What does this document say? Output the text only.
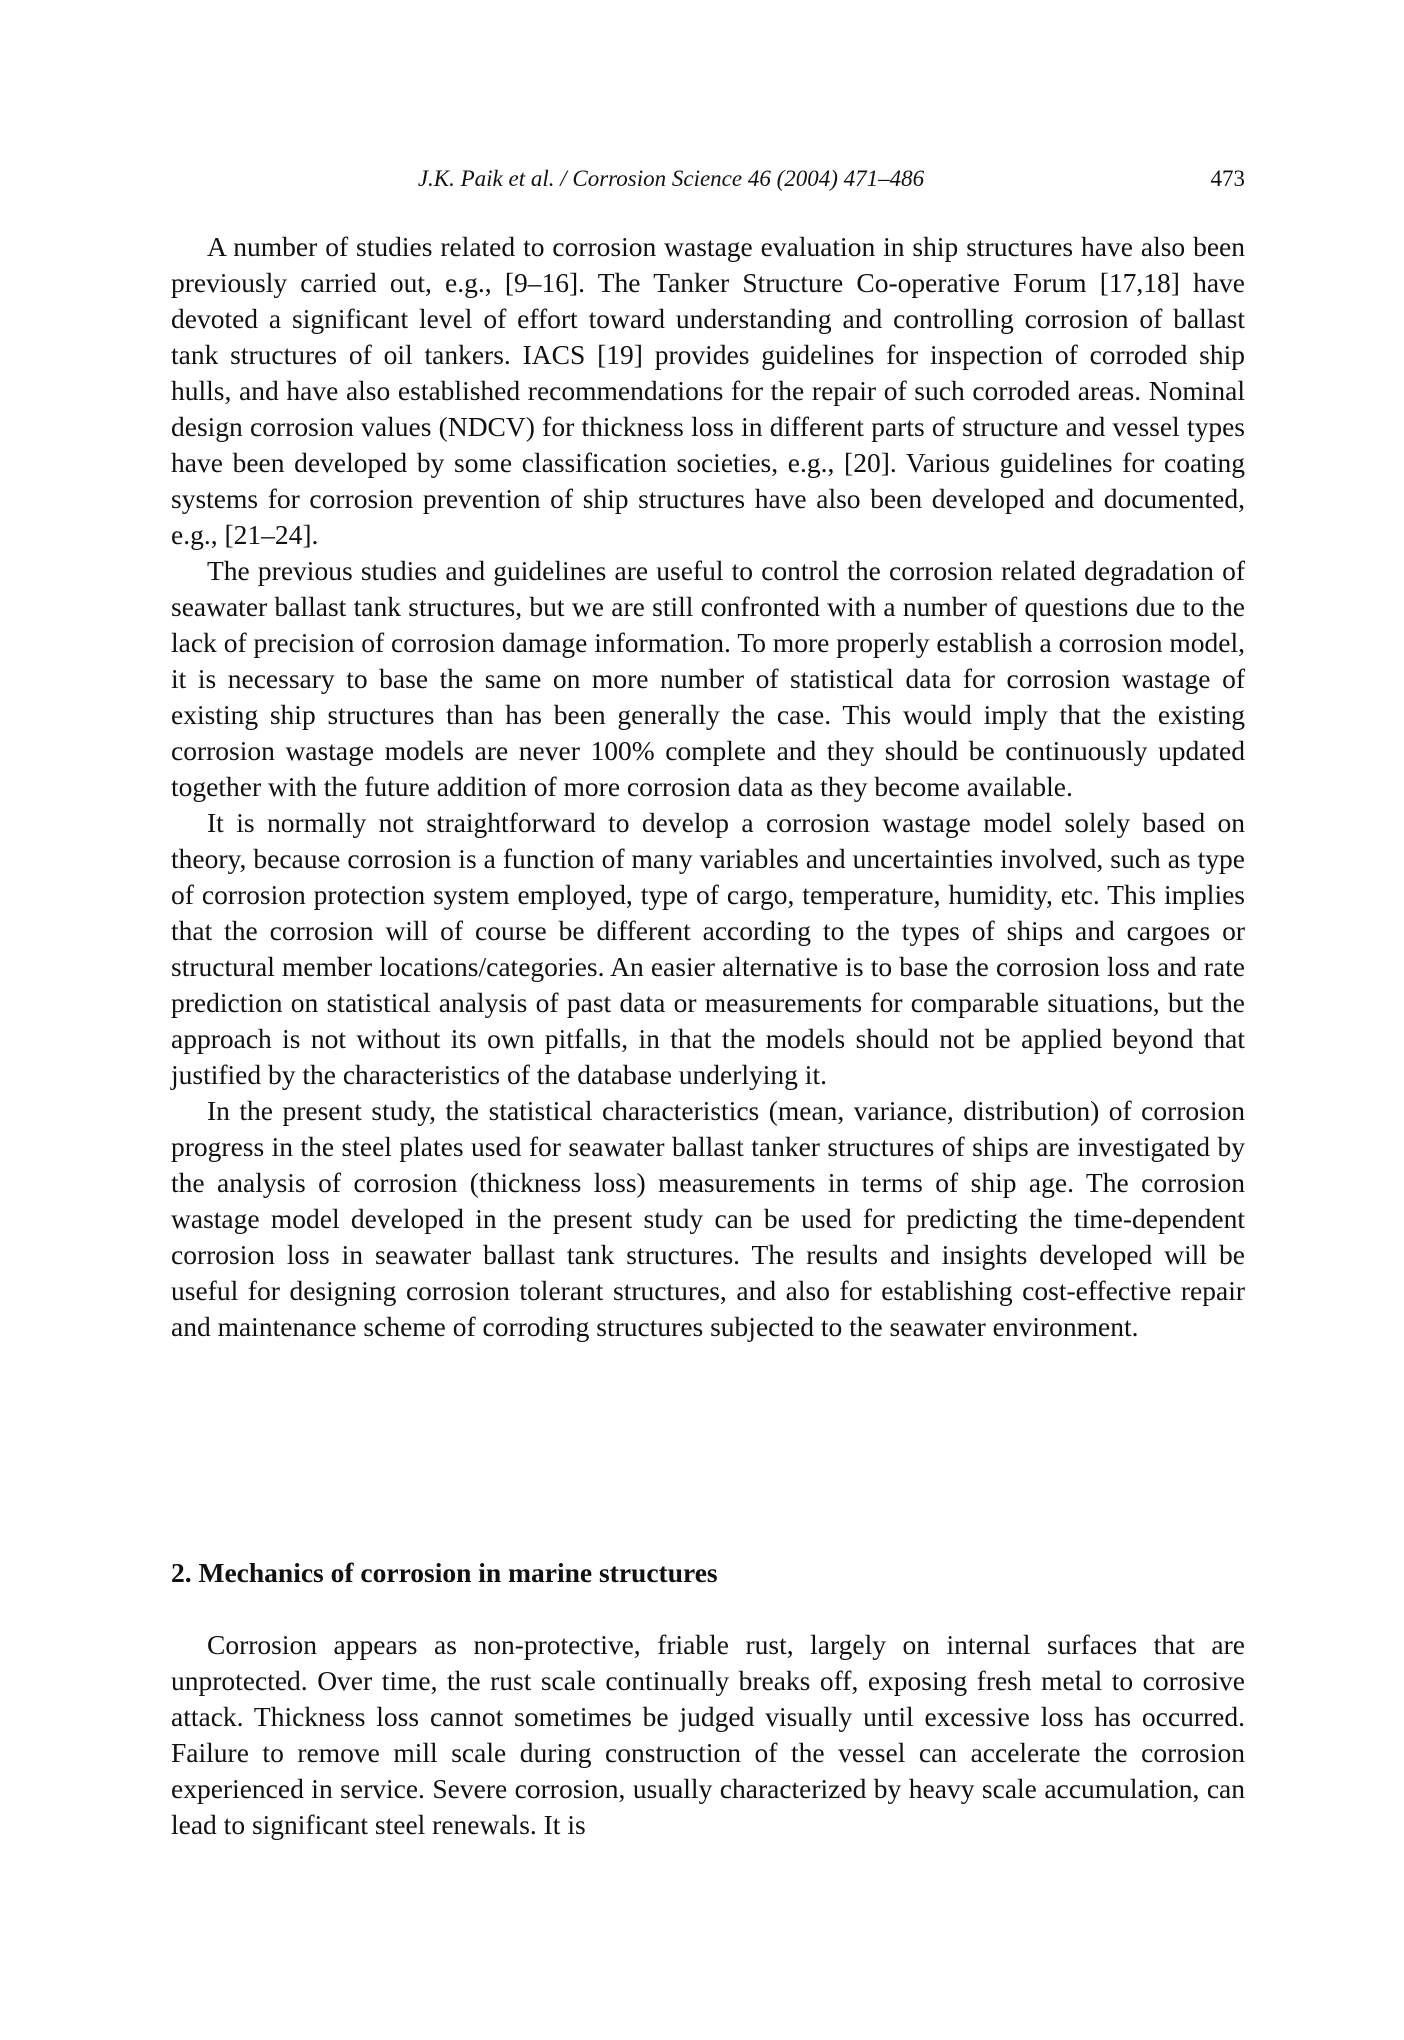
J.K. Paik et al. / Corrosion Science 46 (2004) 471–486	473

A number of studies related to corrosion wastage evaluation in ship structures have also been previously carried out, e.g., [9–16]. The Tanker Structure Co-operative Forum [17,18] have devoted a significant level of effort toward understanding and controlling corrosion of ballast tank structures of oil tankers. IACS [19] provides guidelines for inspection of corroded ship hulls, and have also established recommendations for the repair of such corroded areas. Nominal design corrosion values (NDCV) for thickness loss in different parts of structure and vessel types have been developed by some classification societies, e.g., [20]. Various guidelines for coating systems for corrosion prevention of ship structures have also been developed and documented, e.g., [21–24].

The previous studies and guidelines are useful to control the corrosion related degradation of seawater ballast tank structures, but we are still confronted with a number of questions due to the lack of precision of corrosion damage information. To more properly establish a corrosion model, it is necessary to base the same on more number of statistical data for corrosion wastage of existing ship structures than has been generally the case. This would imply that the existing corrosion wastage models are never 100% complete and they should be continuously updated together with the future addition of more corrosion data as they become available.

It is normally not straightforward to develop a corrosion wastage model solely based on theory, because corrosion is a function of many variables and uncertainties involved, such as type of corrosion protection system employed, type of cargo, temperature, humidity, etc. This implies that the corrosion will of course be different according to the types of ships and cargoes or structural member locations/categories. An easier alternative is to base the corrosion loss and rate prediction on statistical analysis of past data or measurements for comparable situations, but the approach is not without its own pitfalls, in that the models should not be applied beyond that justified by the characteristics of the database underlying it.

In the present study, the statistical characteristics (mean, variance, distribution) of corrosion progress in the steel plates used for seawater ballast tanker structures of ships are investigated by the analysis of corrosion (thickness loss) measurements in terms of ship age. The corrosion wastage model developed in the present study can be used for predicting the time-dependent corrosion loss in seawater ballast tank structures. The results and insights developed will be useful for designing corrosion tolerant structures, and also for establishing cost-effective repair and maintenance scheme of corroding structures subjected to the seawater environment.

2. Mechanics of corrosion in marine structures

Corrosion appears as non-protective, friable rust, largely on internal surfaces that are unprotected. Over time, the rust scale continually breaks off, exposing fresh metal to corrosive attack. Thickness loss cannot sometimes be judged visually until excessive loss has occurred. Failure to remove mill scale during construction of the vessel can accelerate the corrosion experienced in service. Severe corrosion, usually characterized by heavy scale accumulation, can lead to significant steel renewals. It is
